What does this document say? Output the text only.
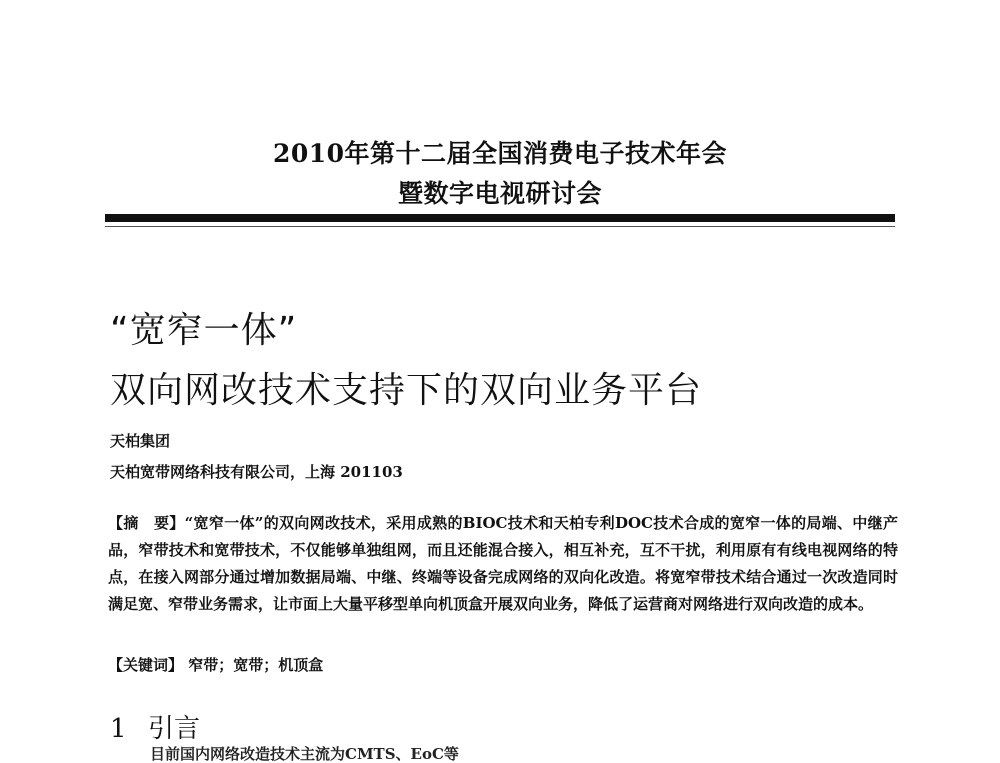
2010年第十二届全国消费电子技术年会
暨数字电视研讨会
“宽窄一体”
双向网改技术支持下的双向业务平台
天柏集团
天柏宽带网络科技有限公司，上海 201103
【摘　要】“宽窄一体”的双向网改技术，采用成熟的BIOC技术和天柏专利DOC技术合成的宽窄一体的局端、中继产品，窄带技术和宽带技术，不仅能够单独组网，而且还能混合接入，相互补充，互不干扰，利用原有有线电视网络的特点，在接入网部分通过增加数据局端、中继、终端等设备完成网络的双向化改造。将宽窄带技术结合通过一次改造同时满足宽、窄带业务需求，让市面上大量平移型单向机顶盒开展双向业务，降低了运营商对网络进行双向改造的成本。
【关键词】 窄带；宽带；机顶盒
1 引言
目前国内网络改造技术主流为CMTS、EoC等
